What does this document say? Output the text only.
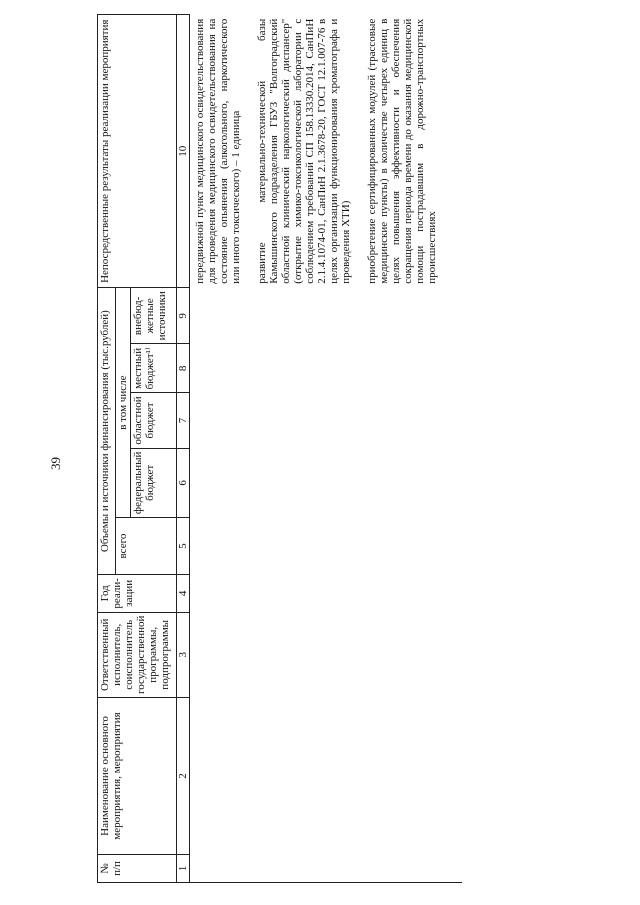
39
№ п/п	Наименование основного мероприятия, мероприятия	Ответственный исполнитель, соисполнитель государственной программы, подпрограммы	Год реали-зации	Объемы и источники финансирования (тыс.рублей)					Непосредственные результаты реализации мероприятия
				всего	в том числе				
					федеральный бюджет	областной бюджет	местный бюджет¹⁾	внебюд-жетные источники	
1	2	3	4	5	6	7	8	9	10

									передвижной пункт медицинского освидетельствования для проведения медицинского освидетельствования на состояние опьянения (алкогольного, наркотического или иного токсического) – 1 единица развитие материально-технической базы Камышинского подразделения ГБУЗ "Волгоградский областной клинический наркологический диспансер" (открытие химико-токсикологической лаборатории с соблюдением требований СП 158.13330.2014, СанПиН 2.1.4.1074-01, СанПиН 2.1.3678-20, ГОСТ 12.1.007-76 в целях организации функционирования хроматографа и проведения ХТИ) приобретение сертифицированных модулей (трассовые медицинские пункты) в количестве четырех единиц в целях повышения эффективности и обеспечения сокращения периода времени до оказания медицинской помощи пострадавшим в дорожно-транспортных происшествиях
